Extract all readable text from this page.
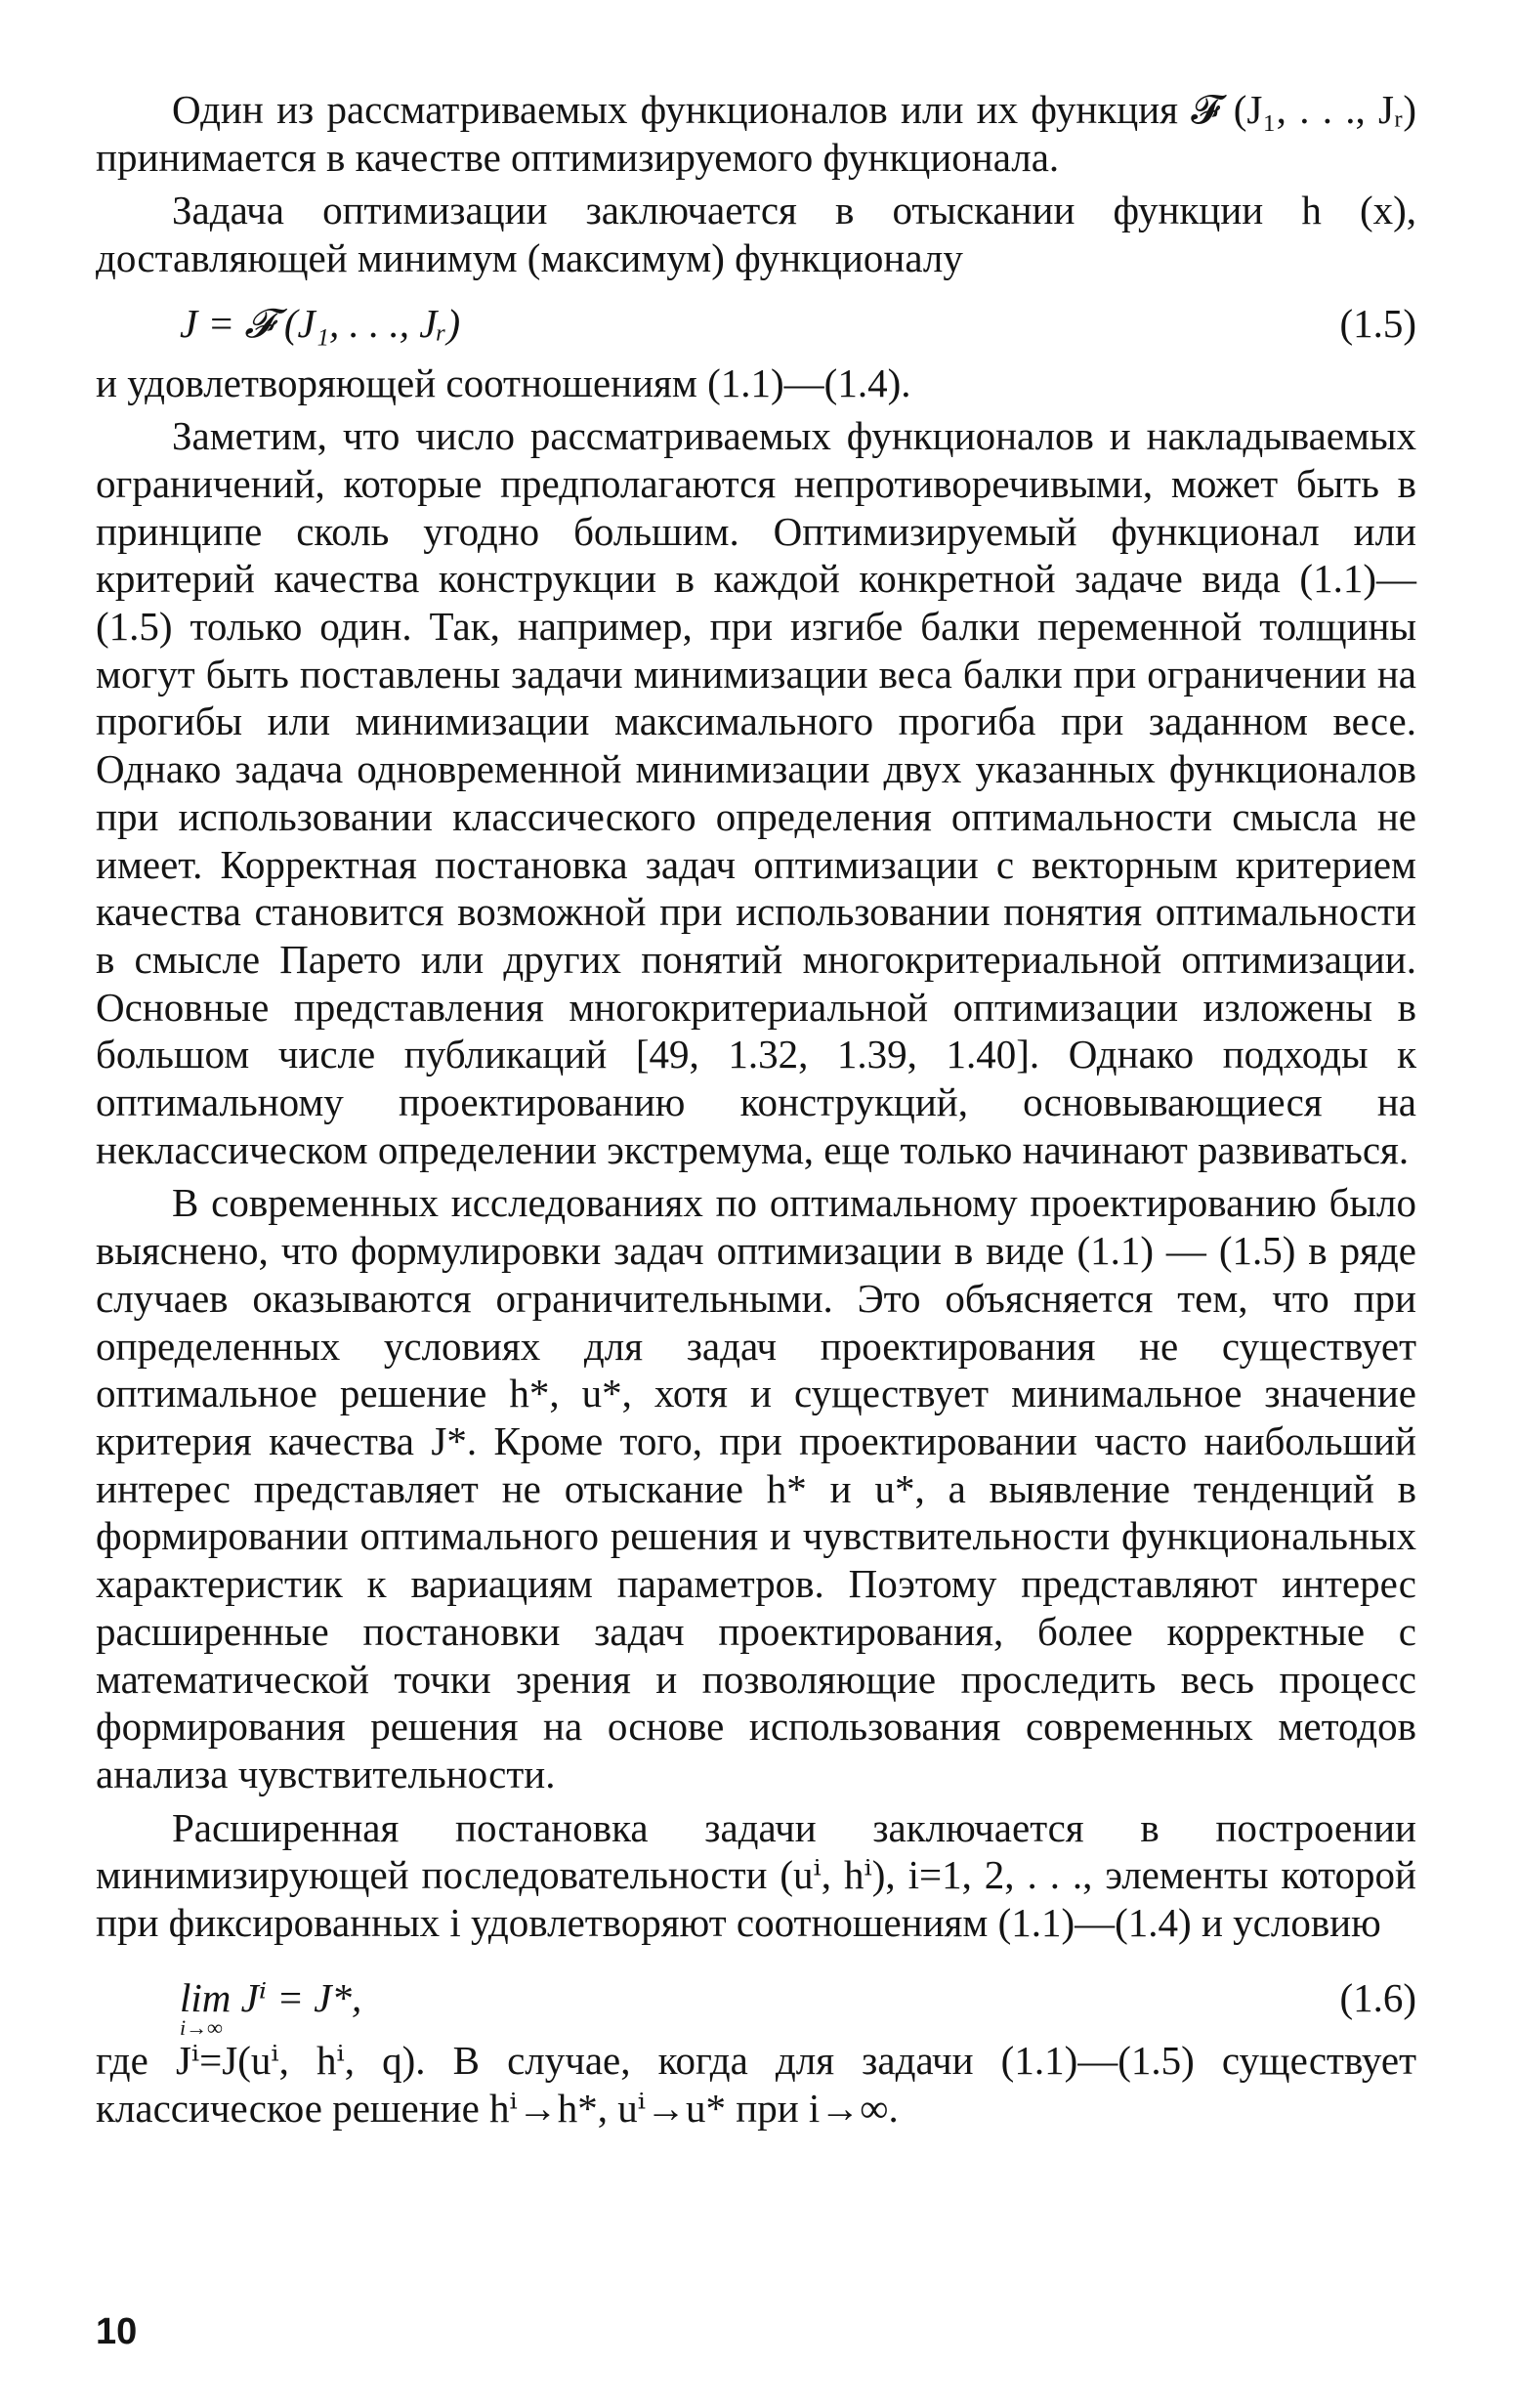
Один из рассматриваемых функционалов или их функция 𝓕 (J₁, . . ., Jᵣ) принимается в качестве оптимизируемого функционала.

Задача оптимизации заключается в отыскании функции h (x), доставляющей минимум (максимум) функционалу

J = 𝓕 (J₁, . . ., Jᵣ)	(1.5)

и удовлетворяющей соотношениям (1.1)—(1.4).

Заметим, что число рассматриваемых функционалов и накладываемых ограничений, которые предполагаются непротиворечивыми, может быть в принципе сколь угодно большим. Оптимизируемый функционал или критерий качества конструкции в каждой конкретной задаче вида (1.1)—(1.5) только один. Так, например, при изгибе балки переменной толщины могут быть поставлены задачи минимизации веса балки при ограничении на прогибы или минимизации максимального прогиба при заданном весе. Однако задача одновременной минимизации двух указанных функционалов при использовании классического определения оптимальности смысла не имеет. Корректная постановка задач оптимизации с векторным критерием качества становится возможной при использовании понятия оптимальности в смысле Парето или других понятий многокритериальной оптимизации. Основные представления многокритериальной оптимизации изложены в большом числе публикаций [49, 1.32, 1.39, 1.40]. Однако подходы к оптимальному проектированию конструкций, основывающиеся на неклассическом определении экстремума, еще только начинают развиваться.

В современных исследованиях по оптимальному проектированию было выяснено, что формулировки задач оптимизации в виде (1.1) — (1.5) в ряде случаев оказываются ограничительными. Это объясняется тем, что при определенных условиях для задач проектирования не существует оптимальное решение h*, u*, хотя и существует минимальное значение критерия качества J*. Кроме того, при проектировании часто наибольший интерес представляет не отыскание h* и u*, а выявление тенденций в формировании оптимального решения и чувствительности функциональных характеристик к вариациям параметров. Поэтому представляют интерес расширенные постановки задач проектирования, более корректные с математической точки зрения и позволяющие проследить весь процесс формирования решения на основе использования современных методов анализа чувствительности.

Расширенная постановка задачи заключается в построении минимизирующей последовательности (uⁱ, hⁱ), i=1, 2, . . ., элементы которой при фиксированных i удовлетворяют соотношениям (1.1)—(1.4) и условию

lim Jⁱ = J*,
i→∞
(1.6)

где Jⁱ=J(uⁱ, hⁱ, q). В случае, когда для задачи (1.1)—(1.5) существует классическое решение hⁱ→h*, uⁱ→u* при i→∞.

10
